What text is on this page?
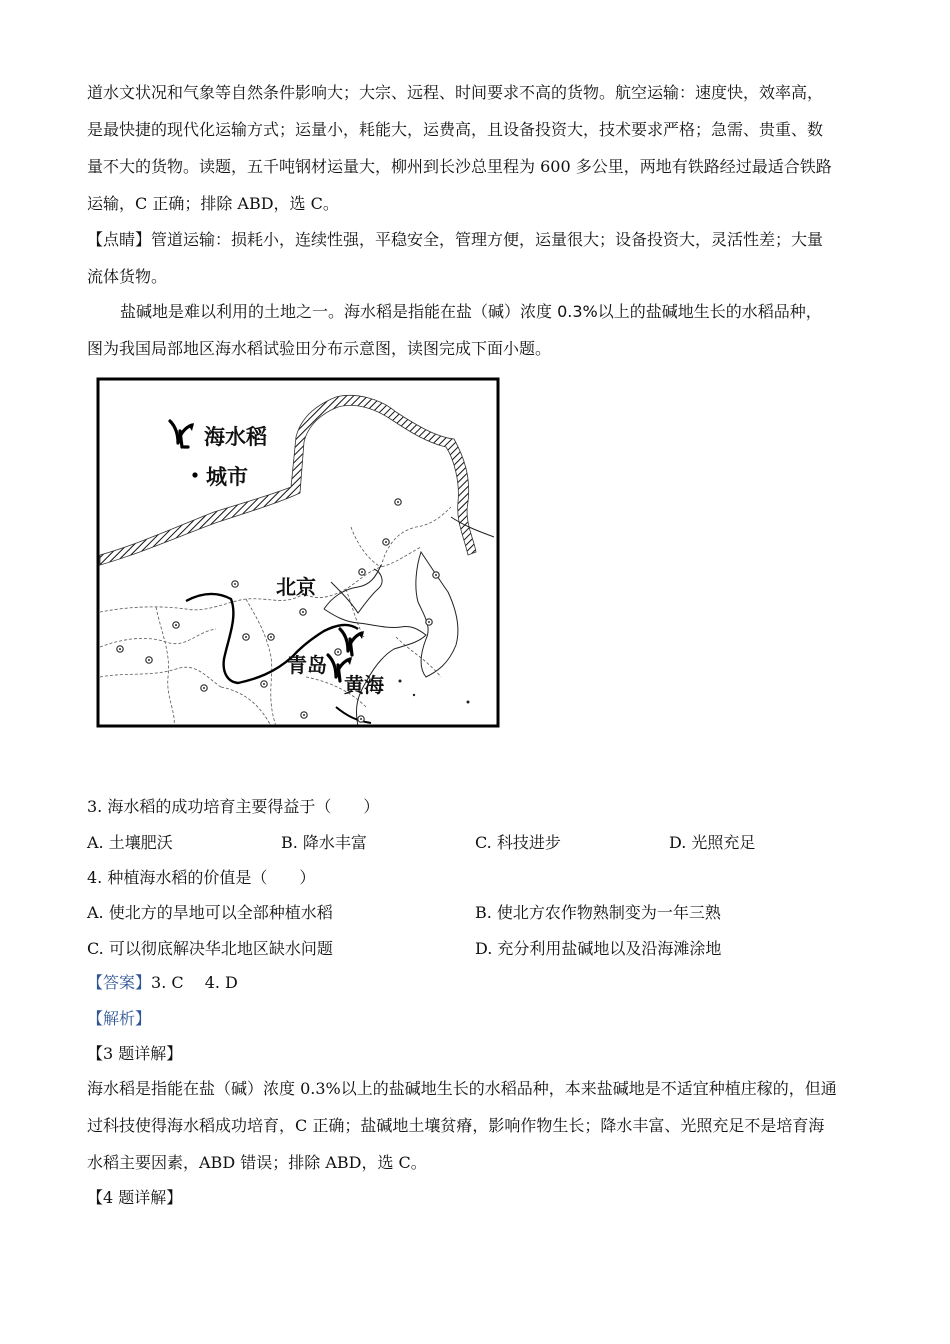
道水文状况和气象等自然条件影响大；大宗、远程、时间要求不高的货物。航空运输：速度快，效率高，
是最快捷的现代化运输方式；运量小，耗能大，运费高，且设备投资大，技术要求严格；急需、贵重、数
量不大的货物。读题，五千吨钢材运量大，柳州到长沙总里程为 600 多公里，两地有铁路经过最适合铁路
运输，C 正确；排除 ABD，选 C。
【点睛】管道运输：损耗小，连续性强，平稳安全，管理方便，运量很大；设备投资大，灵活性差；大量
流体货物。
盐碱地是难以利用的土地之一。海水稻是指能在盐（碱）浓度 0.3%以上的盐碱地生长的水稻品种，
图为我国局部地区海水稻试验田分布示意图，读图完成下面小题。
海水稻
城市
北京
青岛
黄海
3. 海水稻的成功培育主要得益于（　　）
A. 土壤肥沃	B. 降水丰富	C. 科技进步	D. 光照充足
4. 种植海水稻的价值是（　　）
A. 使北方的旱地可以全部种植水稻	B. 使北方农作物熟制变为一年三熟
C. 可以彻底解决华北地区缺水问题	D. 充分利用盐碱地以及沿海滩涂地
【答案】3. C　 4. D
【解析】
【3 题详解】
海水稻是指能在盐（碱）浓度 0.3%以上的盐碱地生长的水稻品种，本来盐碱地是不适宜种植庄稼的，但通
过科技使得海水稻成功培育，C 正确；盐碱地土壤贫瘠，影响作物生长；降水丰富、光照充足不是培育海
水稻主要因素，ABD 错误；排除 ABD，选 C。
【4 题详解】
